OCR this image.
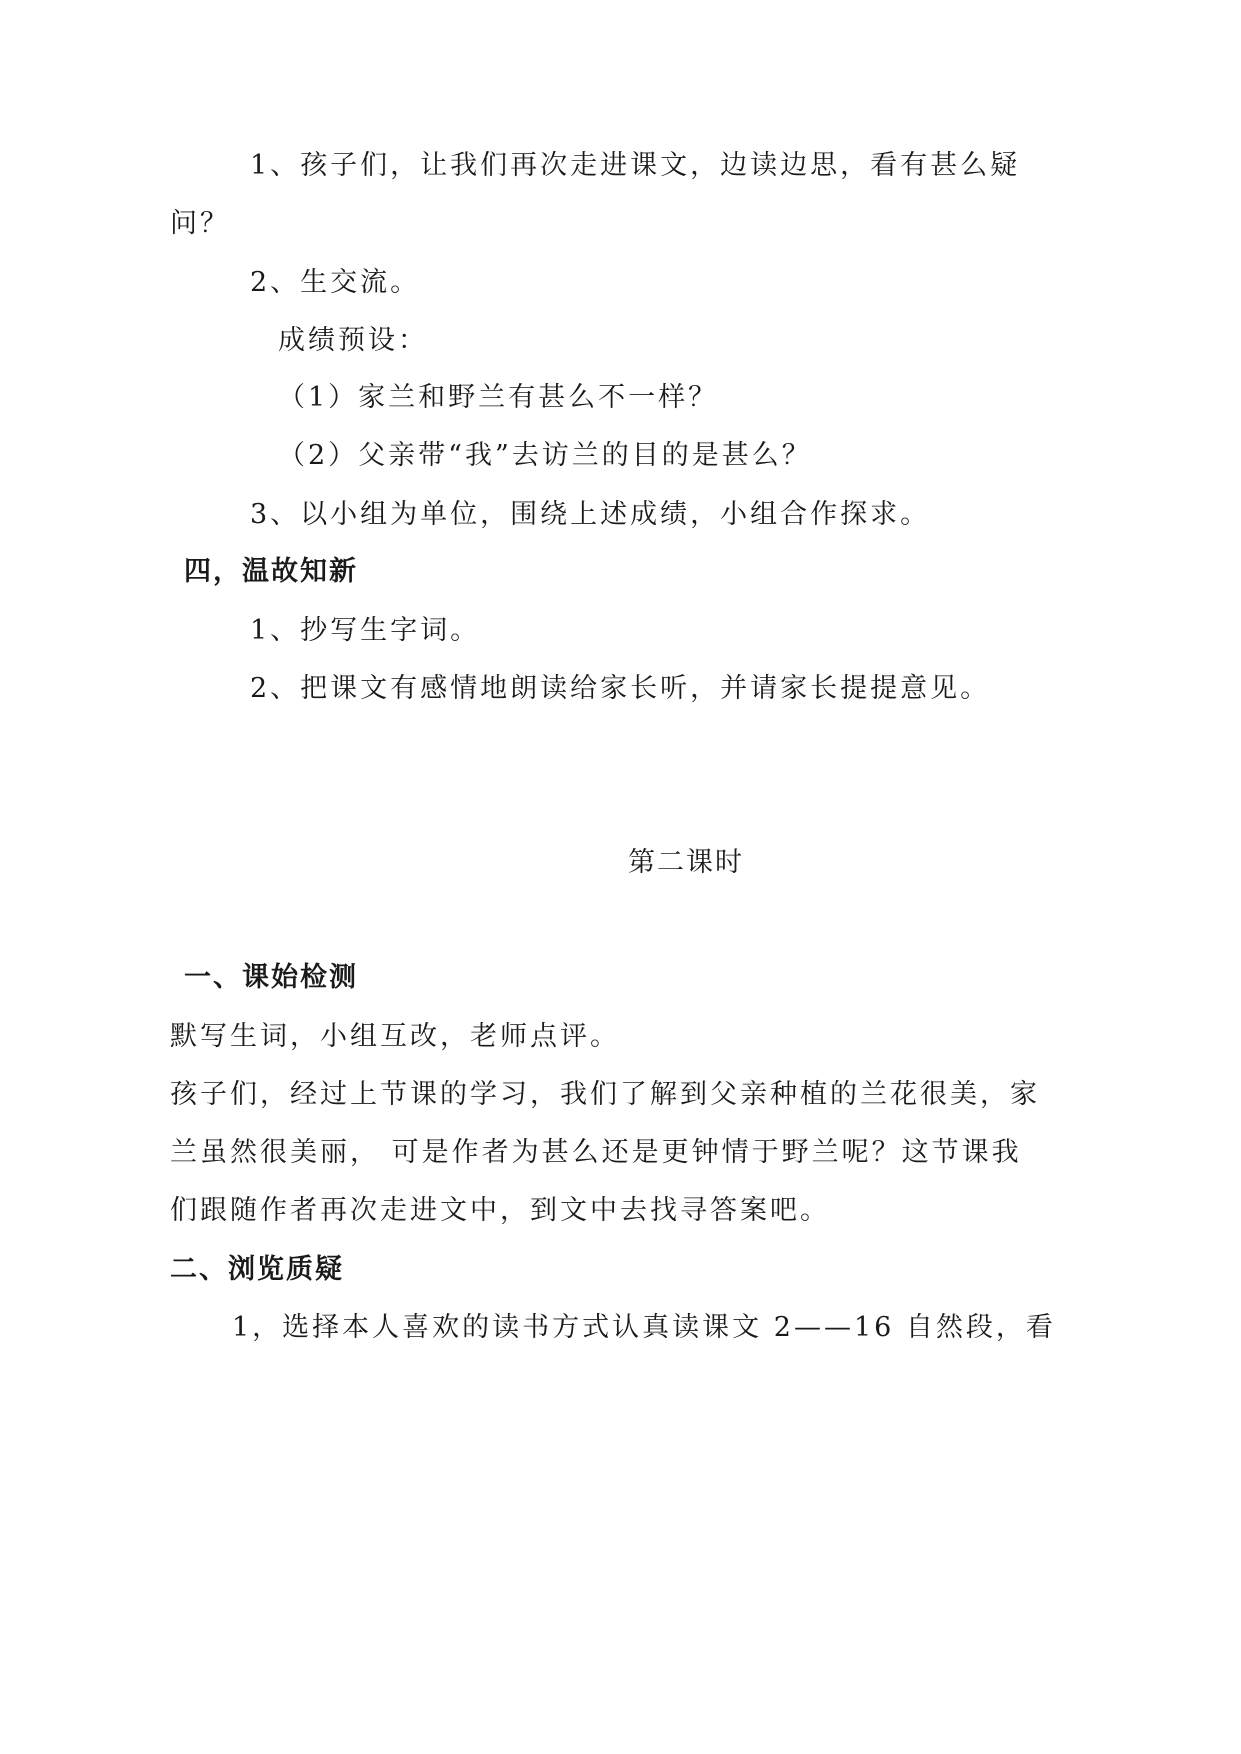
1、孩子们，让我们再次走进课文，边读边思，看有甚么疑
问？
2、生交流。
成绩预设：
（1）家兰和野兰有甚么不一样？
（2）父亲带“我”去访兰的目的是甚么？
3、以小组为单位，围绕上述成绩，小组合作探求。
四，温故知新
1、抄写生字词。
2、把课文有感情地朗读给家长听，并请家长提提意见。
第二课时
一、课始检测
默写生词，小组互改，老师点评。
孩子们，经过上节课的学习，我们了解到父亲种植的兰花很美，家
兰虽然很美丽， 可是作者为甚么还是更钟情于野兰呢？这节课我
们跟随作者再次走进文中，到文中去找寻答案吧。
二、浏览质疑
1，选择本人喜欢的读书方式认真读课文 2——16 自然段，看
